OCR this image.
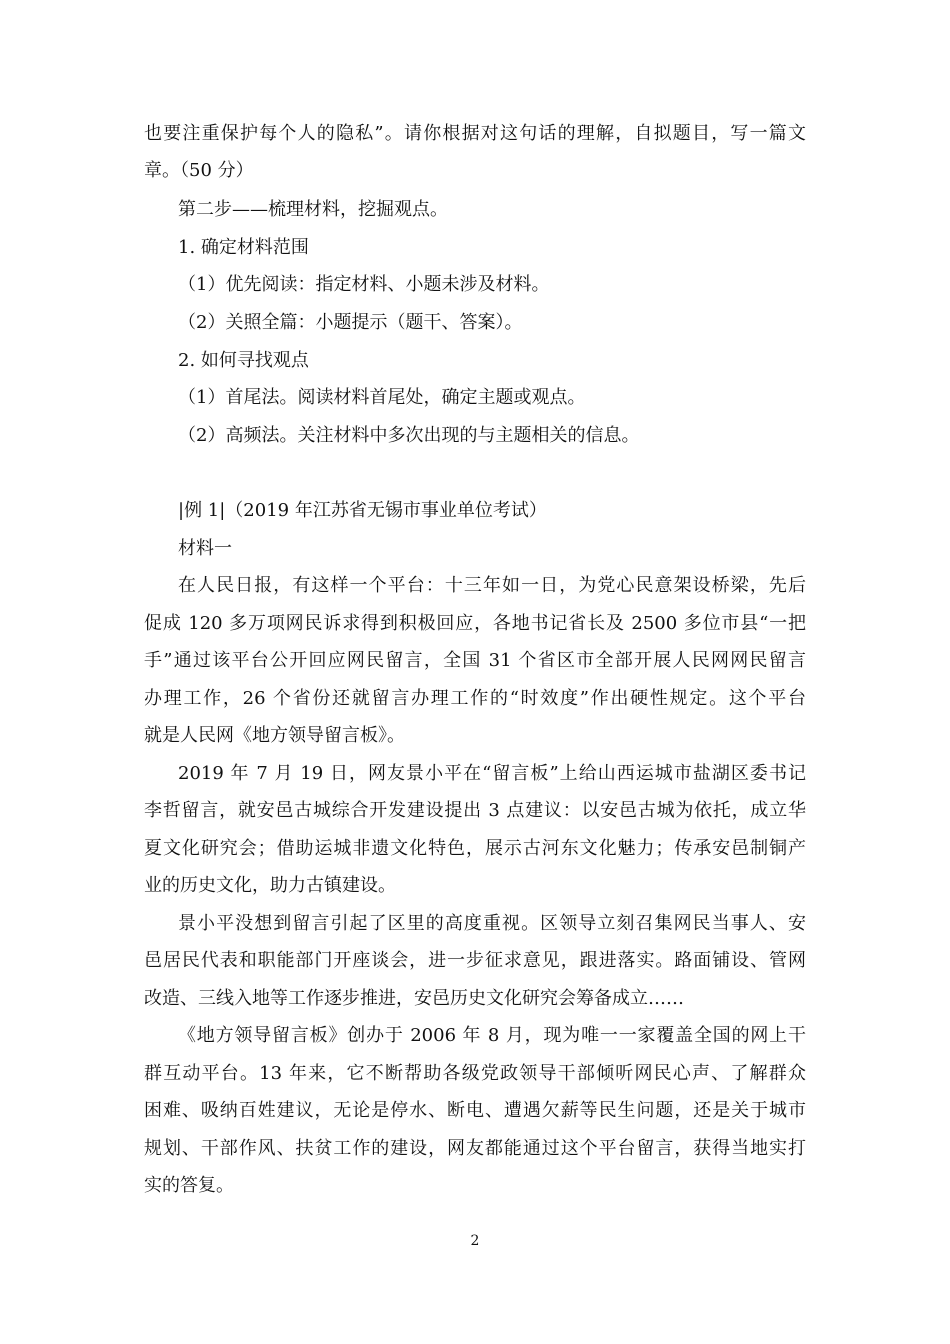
也要注重保护每个人的隐私”。请你根据对这句话的理解，自拟题目，写一篇文
章。（50 分）
第二步——梳理材料，挖掘观点。
1. 确定材料范围
（1）优先阅读：指定材料、小题未涉及材料。
（2）关照全篇：小题提示（题干、答案）。
2. 如何寻找观点
（1）首尾法。阅读材料首尾处，确定主题或观点。
（2）高频法。关注材料中多次出现的与主题相关的信息。
|例 1|（2019 年江苏省无锡市事业单位考试）
材料一
在人民日报，有这样一个平台：十三年如一日，为党心民意架设桥梁，先后
促成 120 多万项网民诉求得到积极回应，各地书记省长及 2500 多位市县“一把
手”通过该平台公开回应网民留言，全国 31 个省区市全部开展人民网网民留言
办理工作，26 个省份还就留言办理工作的“时效度”作出硬性规定。这个平台
就是人民网《地方领导留言板》。
2019 年 7 月 19 日，网友景小平在“留言板”上给山西运城市盐湖区委书记
李哲留言，就安邑古城综合开发建设提出 3 点建议：以安邑古城为依托，成立华
夏文化研究会；借助运城非遗文化特色，展示古河东文化魅力；传承安邑制铜产
业的历史文化，助力古镇建设。
景小平没想到留言引起了区里的高度重视。区领导立刻召集网民当事人、安
邑居民代表和职能部门开座谈会，进一步征求意见，跟进落实。路面铺设、管网
改造、三线入地等工作逐步推进，安邑历史文化研究会筹备成立……
《地方领导留言板》创办于 2006 年 8 月，现为唯一一家覆盖全国的网上干
群互动平台。13 年来，它不断帮助各级党政领导干部倾听网民心声、了解群众
困难、吸纳百姓建议，无论是停水、断电、遭遇欠薪等民生问题，还是关于城市
规划、干部作风、扶贫工作的建设，网友都能通过这个平台留言，获得当地实打
实的答复。
2
